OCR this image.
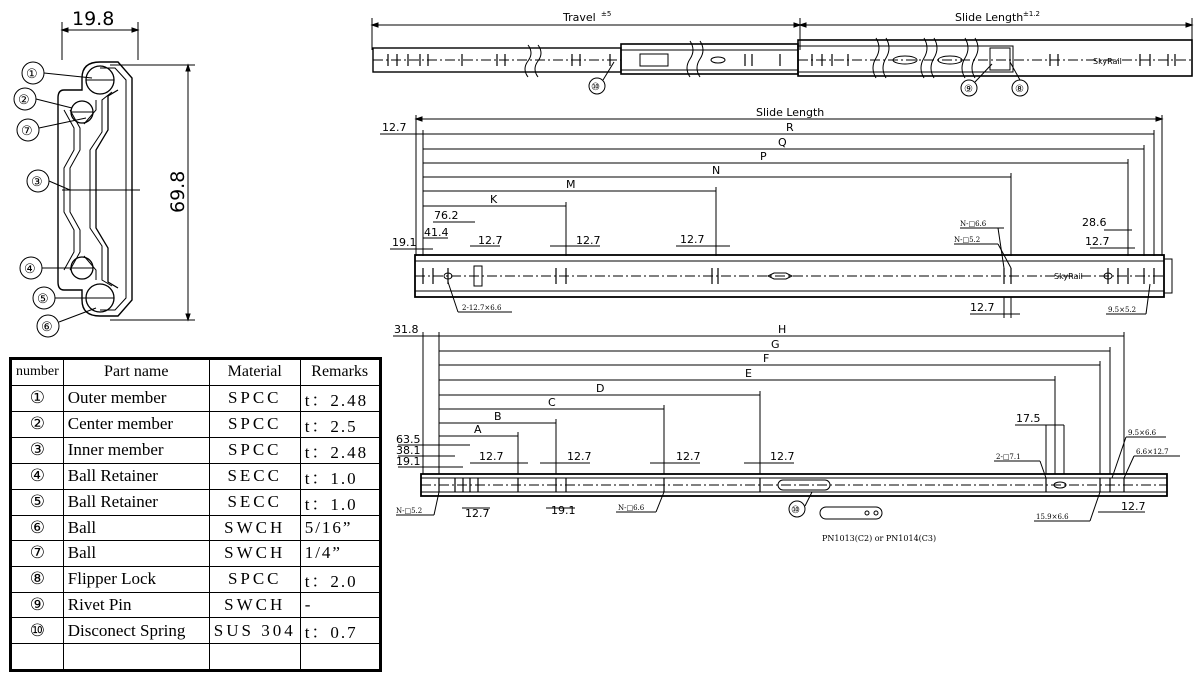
19.8
69.8
①
②
⑦
③
④
⑤
⑥
Travel ±5	Slide Length ±1.2
SkyRail
⑩	⑨	⑧
Slide Length
R
Q
P
N
M
K
12.7
76.2
41.4
19.1	12.7	12.7	12.7
28.6
12.7
12.7
SkyRail
N-□6.6
N-□5.2
2-12.7×6.6	9.5×5.2
31.8	H
G
F
E
D
C
B
A
63.5
38.1
19.1	12.7	12.7	12.7	12.7
17.5
12.7	19.1	12.7
N-□5.2	N-□6.6
2-□7.1
9.5×6.6
6.6×12.7
15.9×6.6
⑩
PN1013(C2) or PN1014(C3)
number	Part name	Material	Remarks
①	Outer member	SPCC	t：2.48
②	Center member	SPCC	t：2.5
③	Inner member	SPCC	t：2.48
④	Ball Retainer	SECC	t：1.0
⑤	Ball Retainer	SECC	t：1.0
⑥	Ball	SWCH	5/16”
⑦	Ball	SWCH	1/4”
⑧	Flipper Lock	SPCC	t：2.0
⑨	Rivet Pin	SWCH	-
⑩	Disconect Spring	SUS 304	t：0.7
